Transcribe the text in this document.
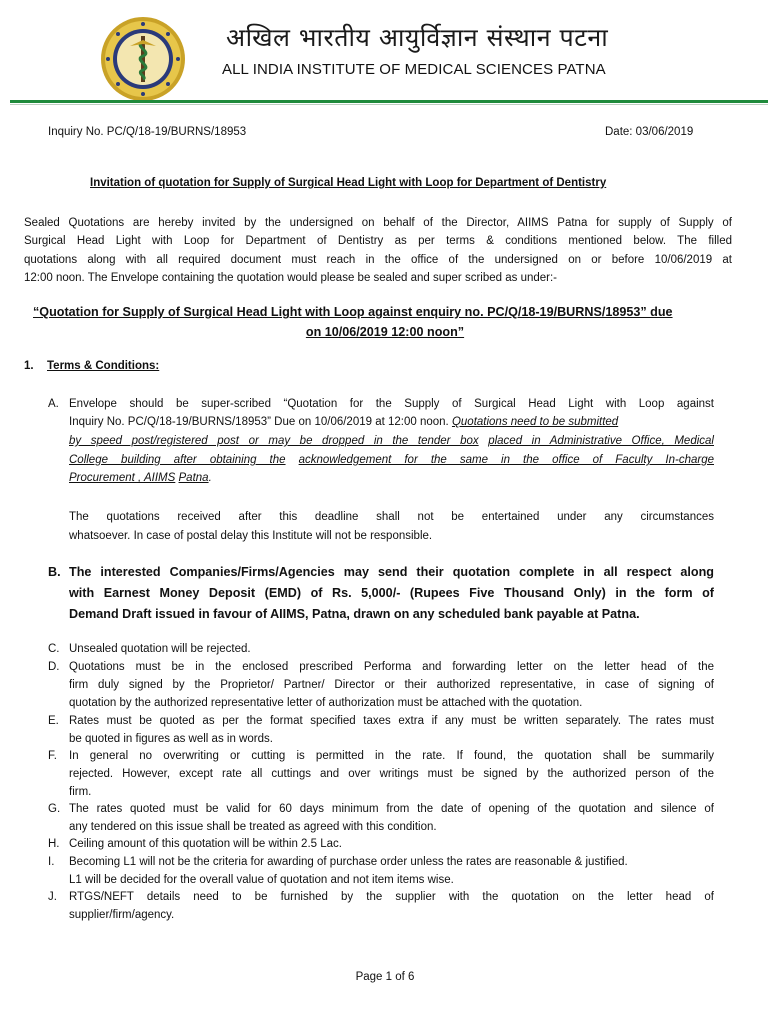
अखिल भारतीय आयुर्विज्ञान संस्थान पटना
ALL INDIA INSTITUTE OF MEDICAL SCIENCES PATNA
Inquiry No. PC/Q/18-19/BURNS/18953	Date: 03/06/2019
Invitation of quotation for Supply of Surgical Head Light with Loop for Department of Dentistry
Sealed Quotations are hereby invited by the undersigned on behalf of the Director, AIIMS Patna for supply of Supply of
Surgical Head Light with Loop for Department of Dentistry as per terms & conditions mentioned below. The filled
quotations along with all required document must reach in the office of the undersigned on or before 10/06/2019 at
12:00 noon. The Envelope containing the quotation would please be sealed and super scribed as under:-
“Quotation for Supply of Surgical Head Light with Loop against enquiry no. PC/Q/18-19/BURNS/18953” due
on 10/06/2019 12:00 noon”
1. Terms & Conditions:
A. Envelope should be super-scribed “Quotation for the Supply of Surgical Head Light with Loop against
Inquiry No. PC/Q/18-19/BURNS/18953” Due on 10/06/2019 at 12:00 noon. Quotations need to be submitted
by speed post/registered post or may be dropped in the tender box placed in Administrative Office, Medical
College building after obtaining the acknowledgement for the same in the office of Faculty In-charge
Procurement , AIIMS Patna.
The quotations received after this deadline shall not be entertained under any circumstances
whatsoever. In case of postal delay this Institute will not be responsible.
B. The interested Companies/Firms/Agencies may send their quotation complete in all respect along
with Earnest Money Deposit (EMD) of Rs. 5,000/- (Rupees Five Thousand Only) in the form of
Demand Draft issued in favour of AIIMS, Patna, drawn on any scheduled bank payable at Patna.
C. Unsealed quotation will be rejected.
D. Quotations must be in the enclosed prescribed Performa and forwarding letter on the letter head of the
firm duly signed by the Proprietor/ Partner/ Director or their authorized representative, in case of signing of
quotation by the authorized representative letter of authorization must be attached with the quotation.
E. Rates must be quoted as per the format specified taxes extra if any must be written separately. The rates must
be quoted in figures as well as in words.
F. In general no overwriting or cutting is permitted in the rate. If found, the quotation shall be summarily
rejected. However, except rate all cuttings and over writings must be signed by the authorized person of the
firm.
G. The rates quoted must be valid for 60 days minimum from the date of opening of the quotation and silence of
any tendered on this issue shall be treated as agreed with this condition.
H. Ceiling amount of this quotation will be within 2.5 Lac.
I. Becoming L1 will not be the criteria for awarding of purchase order unless the rates are reasonable & justified.
L1 will be decided for the overall value of quotation and not item items wise.
J. RTGS/NEFT details need to be furnished by the supplier with the quotation on the letter head of
supplier/firm/agency.
Page 1 of 6
